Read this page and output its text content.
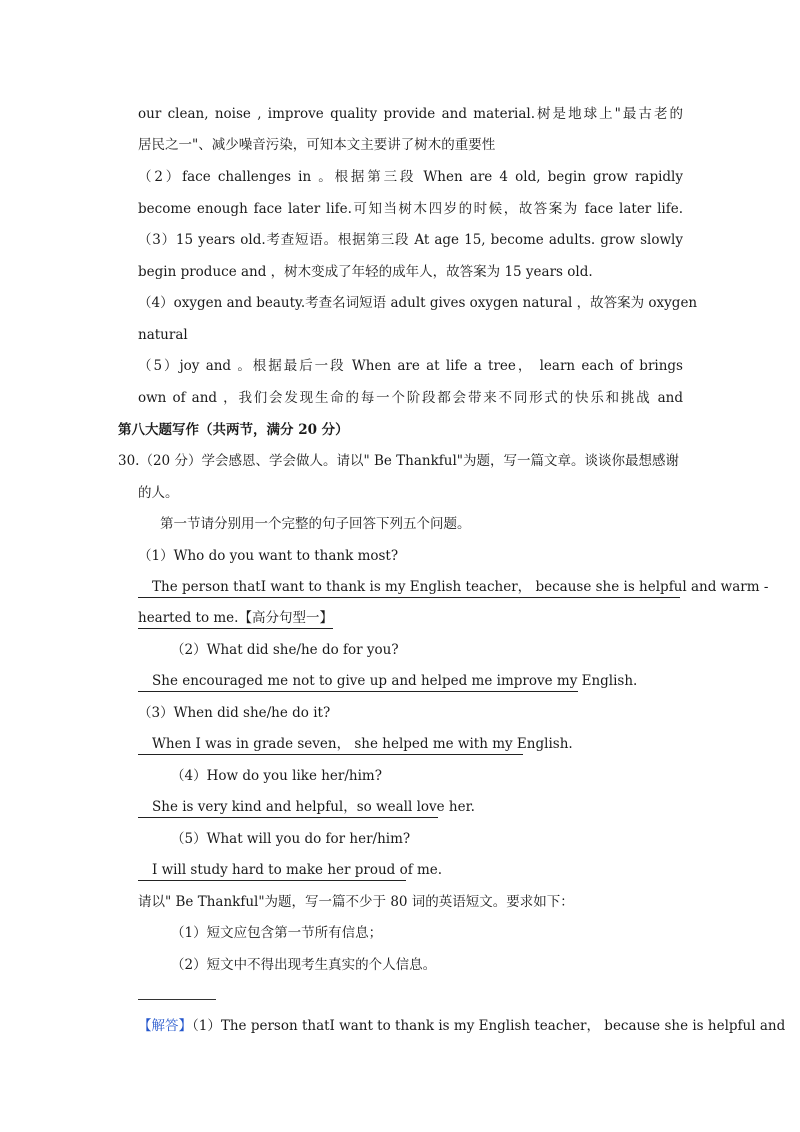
our clean, noise , improve quality provide and material.树是地球上"最古老的
居民之一"、减少噪音污染，可知本文主要讲了树木的重要性
（2）face challenges in 。根据第三段 When are 4 old, begin grow rapidly
become enough face later life.可知当树木四岁的时候，故答案为 face later life.
（3）15 years old.考查短语。根据第三段 At age 15, become adults. grow slowly
begin produce and ，树木变成了年轻的成年人，故答案为 15 years old.
（4）oxygen and beauty.考查名词短语 adult gives oxygen natural ，故答案为 oxygen
natural
（5）joy and 。根据最后一段 When are at life a tree， learn each of brings
own of and ，我们会发现生命的每一个阶段都会带来不同形式的快乐和挑战 and
第八大题写作（共两节，满分 20 分）
30.（20 分）学会感恩、学会做人。请以" Be Thankful"为题，写一篇文章。谈谈你最想感谢
的人。
第一节请分别用一个完整的句子回答下列五个问题。
（1）Who do you want to thank most?
The person thatI want to thank is my English teacher， because she is helpful and warm -
hearted to me.【高分句型一】
（2）What did she/he do for you?
She encouraged me not to give up and helped me improve my English.
（3）When did she/he do it?
When I was in grade seven， she helped me with my English.
（4）How do you like her/him?
She is very kind and helpful，so weall love her.
（5）What will you do for her/him?
I will study hard to make her proud of me.
请以" Be Thankful"为题，写一篇不少于 80 词的英语短文。要求如下：
（1）短文应包含第一节所有信息；
（2）短文中不得出现考生真实的个人信息。
【解答】（1）The person thatI want to thank is my English teacher， because she is helpful and
